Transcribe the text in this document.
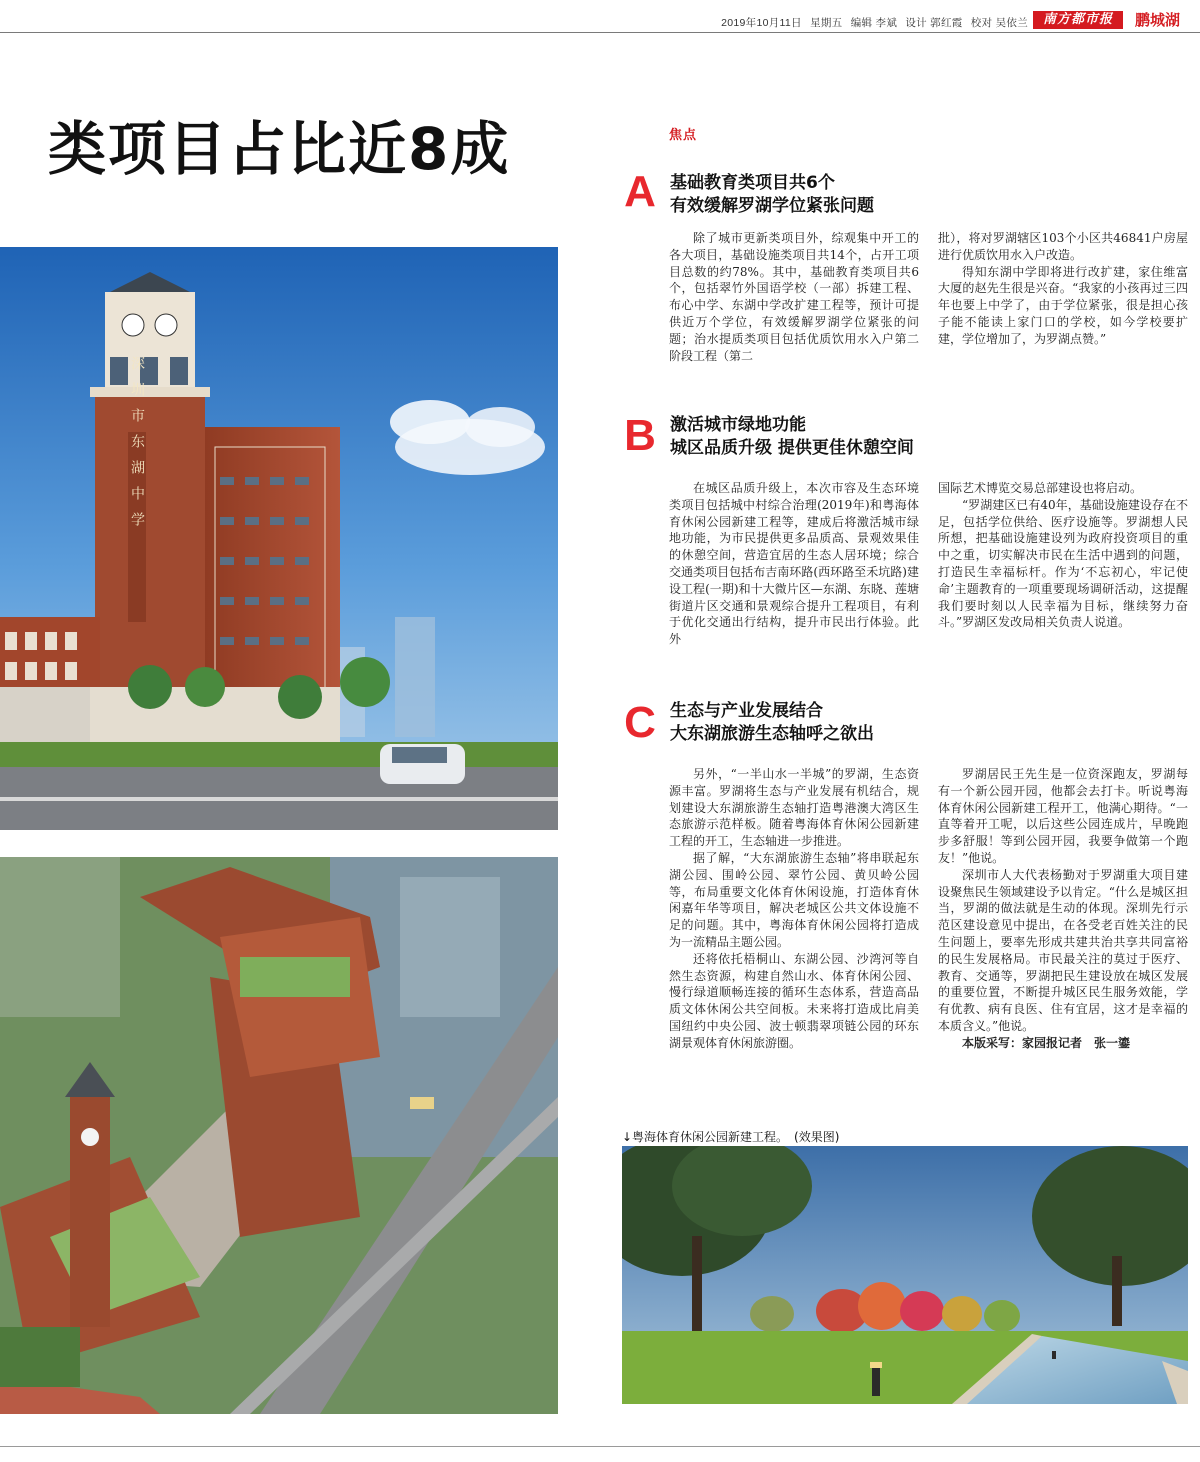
2019年10月11日 星期五 编辑 李斌 设计 郭红霞 校对 吴依兰	南方都市报	鹏城湖
类项目占比近8成
深圳市东湖中学
焦点
A 基础教育类项目共6个
有效缓解罗湖学位紧张问题

除了城市更新类项目外，综观集中开工的各大项目，基础设施类项目共14个，占开工项目总数的约78%。其中，基础教育类项目共6个，包括翠竹外国语学校（一部）拆建工程、布心中学、东湖中学改扩建工程等，预计可提供近万个学位，有效缓解罗湖学位紧张的问题；治水提质类项目包括优质饮用水入户第二阶段工程（第二

批），将对罗湖辖区103个小区共46841户房屋进行优质饮用水入户改造。

得知东湖中学即将进行改扩建，家住维富大厦的赵先生很是兴奋。“我家的小孩再过三四年也要上中学了，由于学位紧张，很是担心孩子能不能读上家门口的学校，如今学校要扩建，学位增加了，为罗湖点赞。”

B 激活城市绿地功能
城区品质升级 提供更佳休憩空间

在城区品质升级上，本次市容及生态环境类项目包括城中村综合治理(2019年)和粤海体育休闲公园新建工程等，建成后将激活城市绿地功能，为市民提供更多品质高、景观效果佳的休憩空间，营造宜居的生态人居环境；综合交通类项目包括布吉南环路(西环路至禾坑路)建设工程(一期)和十大微片区—东湖、东晓、莲塘街道片区交通和景观综合提升工程项目，有利于优化交通出行结构，提升市民出行体验。此外

国际艺术博览交易总部建设也将启动。

“罗湖建区已有40年，基础设施建设存在不足，包括学位供给、医疗设施等。罗湖想人民所想，把基础设施建设列为政府投资项目的重中之重，切实解决市民在生活中遇到的问题，打造民生幸福标杆。作为‘不忘初心，牢记使命’主题教育的一项重要现场调研活动，这提醒我们要时刻以人民幸福为目标，继续努力奋斗。”罗湖区发改局相关负责人说道。

C 生态与产业发展结合
大东湖旅游生态轴呼之欲出

另外，“一半山水一半城”的罗湖，生态资源丰富。罗湖将生态与产业发展有机结合，规划建设大东湖旅游生态轴打造粤港澳大湾区生态旅游示范样板。随着粤海体育休闲公园新建工程的开工，生态轴进一步推进。

据了解，“大东湖旅游生态轴”将串联起东湖公园、围岭公园、翠竹公园、黄贝岭公园等，布局重要文化体育休闲设施，打造体育休闲嘉年华等项目，解决老城区公共文体设施不足的问题。其中，粤海体育休闲公园将打造成为一流精品主题公园。

还将依托梧桐山、东湖公园、沙湾河等自然生态资源，构建自然山水、体育休闲公园、慢行绿道顺畅连接的循环生态体系，营造高品质文体休闲公共空间板。未来将打造成比肩美国纽约中央公园、波士顿翡翠项链公园的环东湖景观体育休闲旅游圈。

罗湖居民王先生是一位资深跑友，罗湖每有一个新公园开园，他都会去打卡。听说粤海体育休闲公园新建工程开工，他满心期待。“一直等着开工呢，以后这些公园连成片，早晚跑步多舒服！等到公园开园，我要争做第一个跑友！”他说。

深圳市人大代表杨勤对于罗湖重大项目建设聚焦民生领域建设予以肯定。“什么是城区担当，罗湖的做法就是生动的体现。深圳先行示范区建设意见中提出，在各受老百姓关注的民生问题上，要率先形成共建共治共享共同富裕的民生发展格局。市民最关注的莫过于医疗、教育、交通等，罗湖把民生建设放在城区发展的重要位置，不断提升城区民生服务效能，学有优教、病有良医、住有宜居，这才是幸福的本质含义。”他说。

本版采写：家园报记者　张一鎏

↓粤海体育休闲公园新建工程。　(效果图)
